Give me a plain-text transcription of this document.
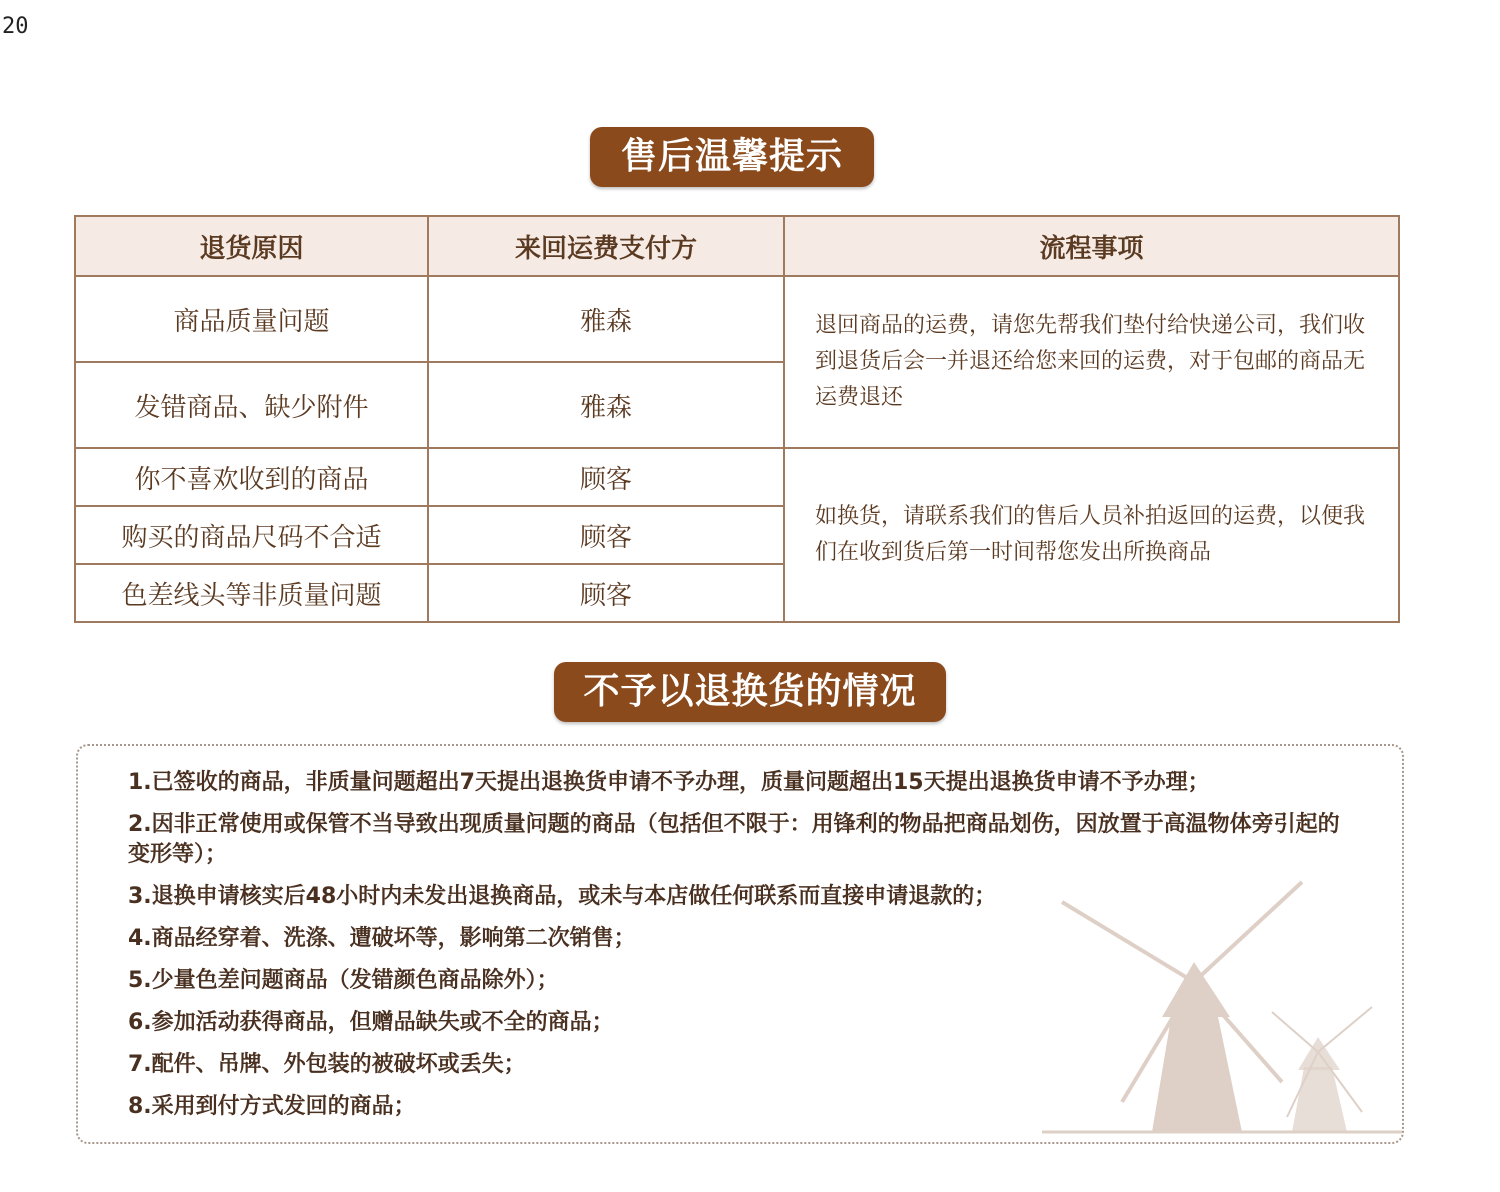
20
售后温馨提示
退货原因	来回运费支付方	流程事项
商品质量问题	雅森	退回商品的运费，请您先帮我们垫付给快递公司，我们收到退货后会一并退还给您来回的运费，对于包邮的商品无运费退还
发错商品、缺少附件	雅森	
你不喜欢收到的商品	顾客	如换货，请联系我们的售后人员补拍返回的运费，以便我们在收到货后第一时间帮您发出所换商品
购买的商品尺码不合适	顾客	
色差线头等非质量问题	顾客	
不予以退换货的情况
1.已签收的商品，非质量问题超出7天提出退换货申请不予办理，质量问题超出15天提出退换货申请不予办理；
2.因非正常使用或保管不当导致出现质量问题的商品（包括但不限于：用锋利的物品把商品划伤，因放置于高温物体旁引起的变形等）；
3.退换申请核实后48小时内未发出退换商品，或未与本店做任何联系而直接申请退款的；
4.商品经穿着、洗涤、遭破坏等，影响第二次销售；
5.少量色差问题商品（发错颜色商品除外）；
6.参加活动获得商品，但赠品缺失或不全的商品；
7.配件、吊牌、外包装的被破坏或丢失；
8.采用到付方式发回的商品；
